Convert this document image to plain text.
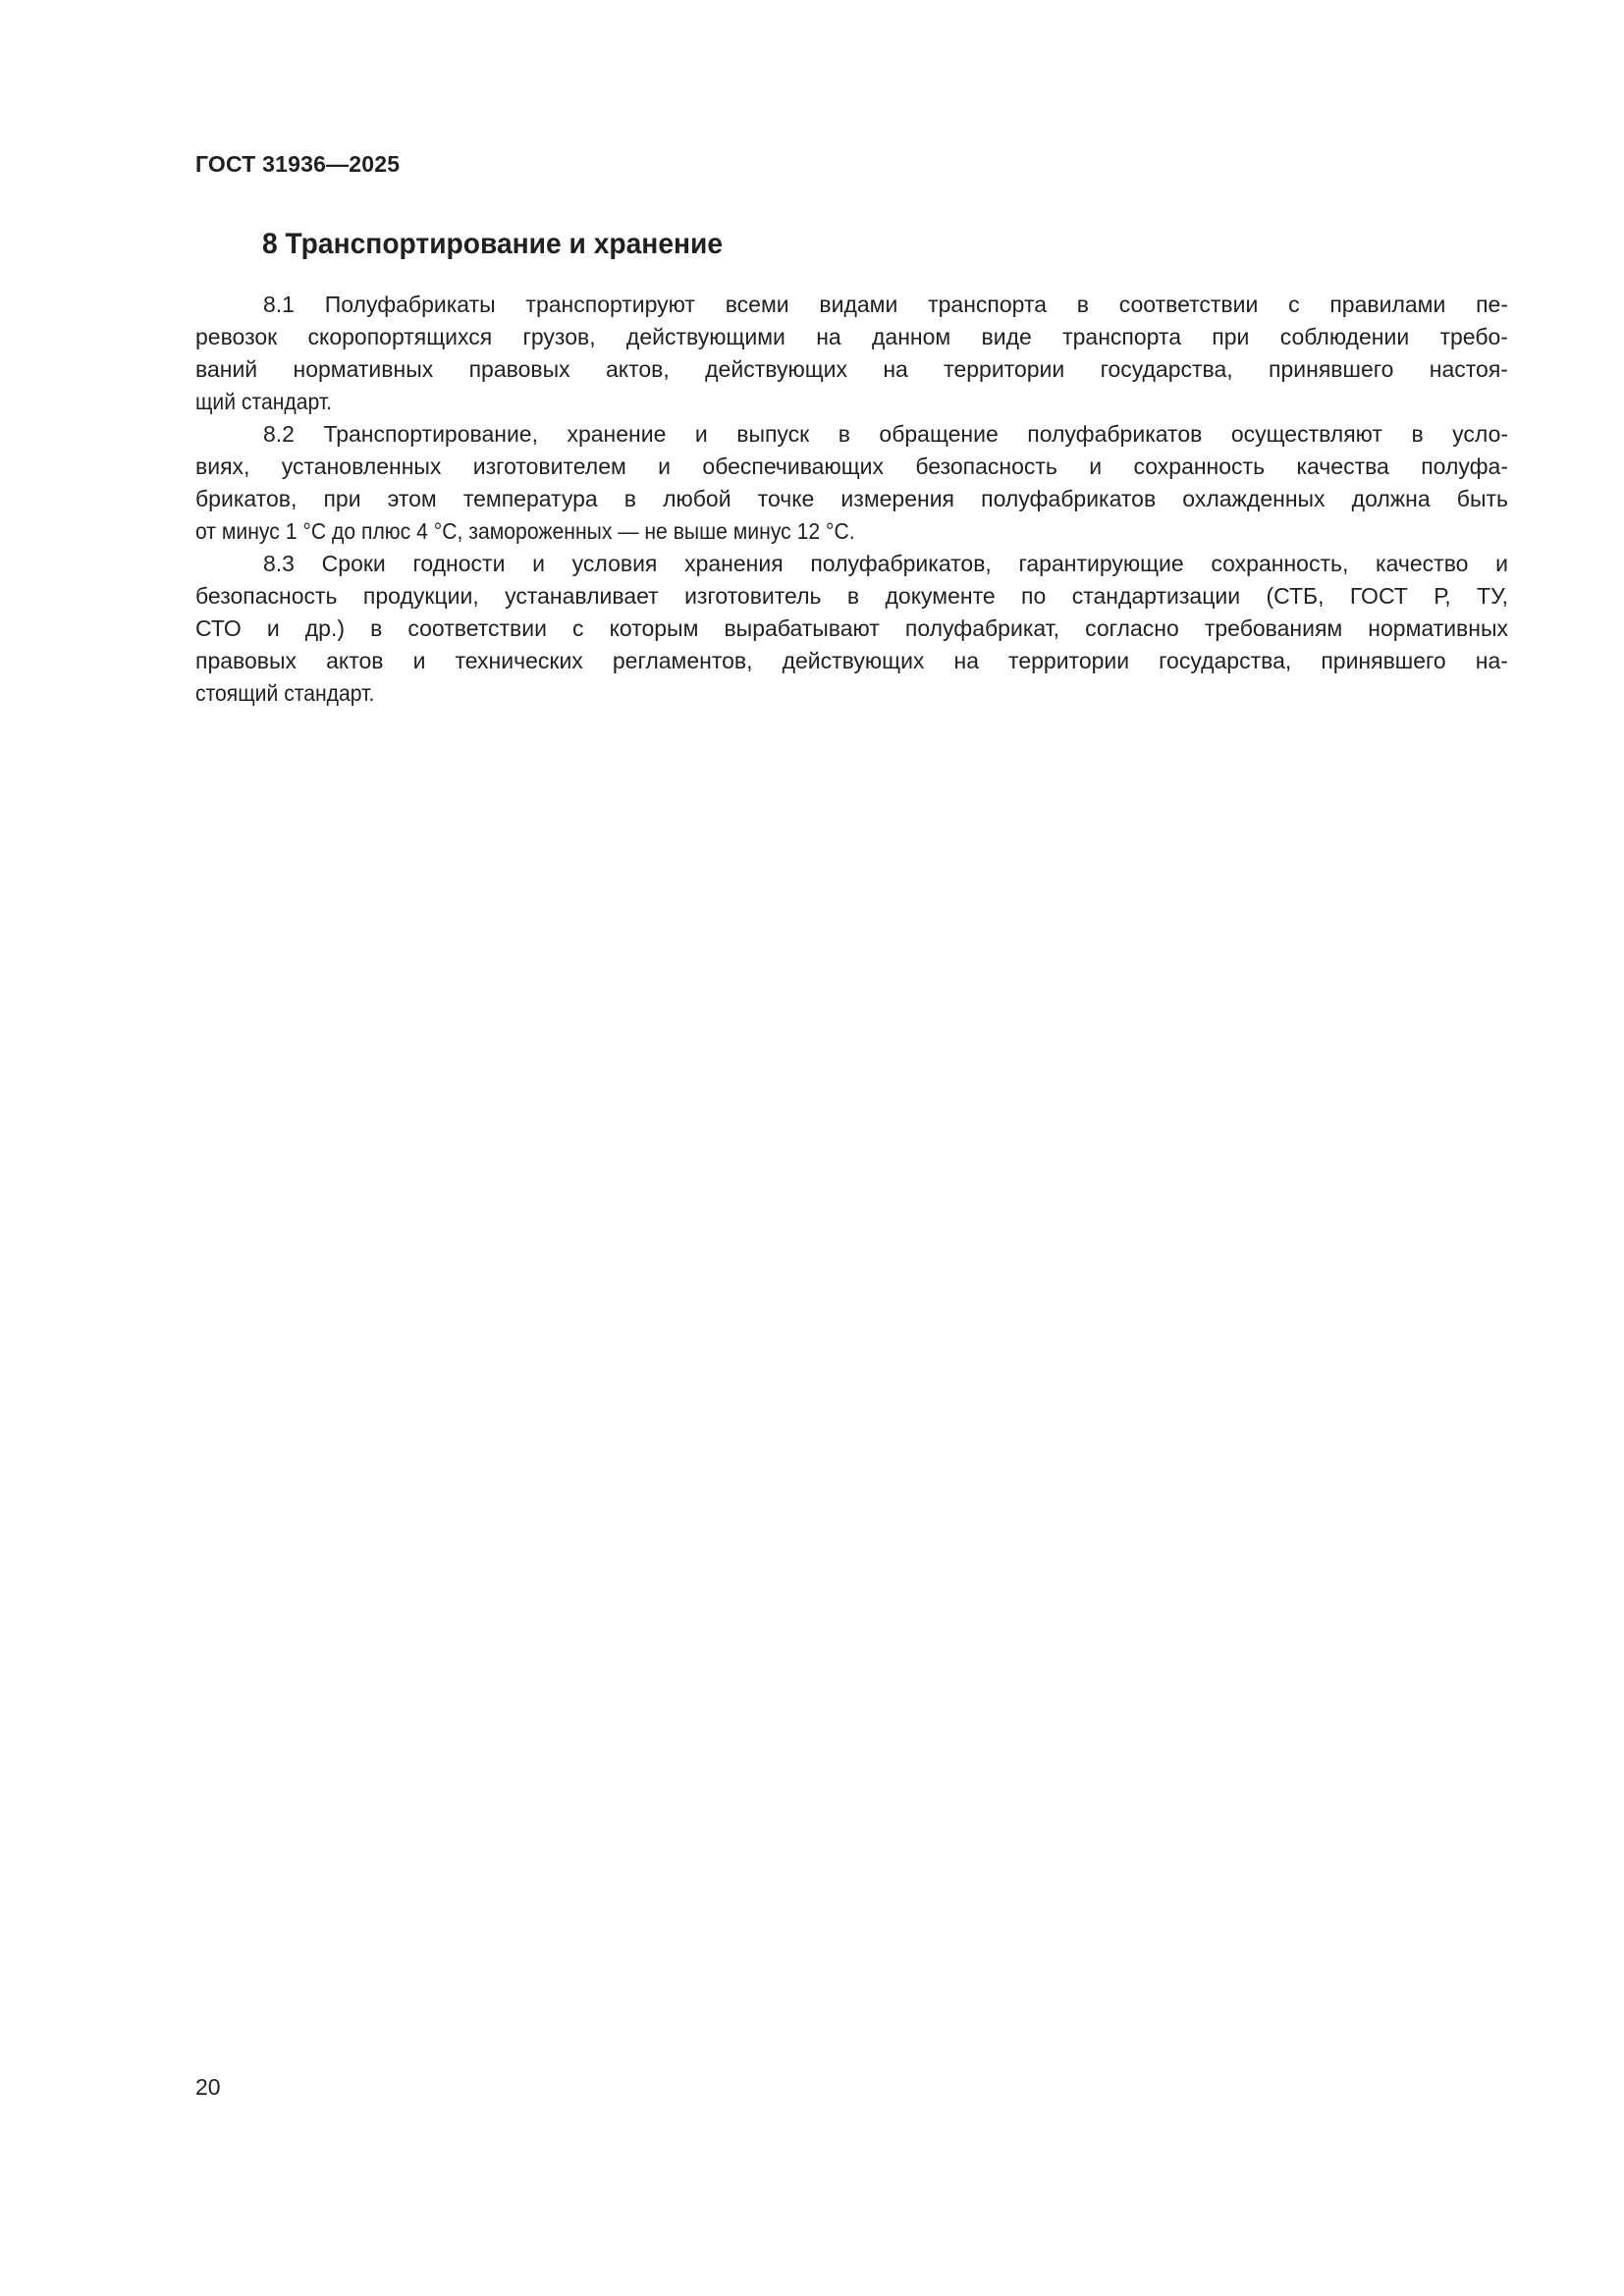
ГОСТ 31936—2025
8 Транспортирование и хранение
8.1 Полуфабрикаты транспортируют всеми видами транспорта в соответствии с правилами пе-
ревозок скоропортящихся грузов, действующими на данном виде транспорта при соблюдении требо-
ваний нормативных правовых актов, действующих на территории государства, принявшего настоя-
щий стандарт.
8.2 Транспортирование, хранение и выпуск в обращение полуфабрикатов осуществляют в усло-
виях, установленных изготовителем и обеспечивающих безопасность и сохранность качества полуфа-
брикатов, при этом температура в любой точке измерения полуфабрикатов охлажденных должна быть
от минус 1 °С до плюс 4 °С, замороженных — не выше минус 12 °С.
8.3 Сроки годности и условия хранения полуфабрикатов, гарантирующие сохранность, качество и
безопасность продукции, устанавливает изготовитель в документе по стандартизации (СТБ, ГОСТ Р, ТУ,
СТО и др.) в соответствии с которым вырабатывают полуфабрикат, согласно требованиям нормативных
правовых актов и технических регламентов, действующих на территории государства, принявшего на-
стоящий стандарт.
20
